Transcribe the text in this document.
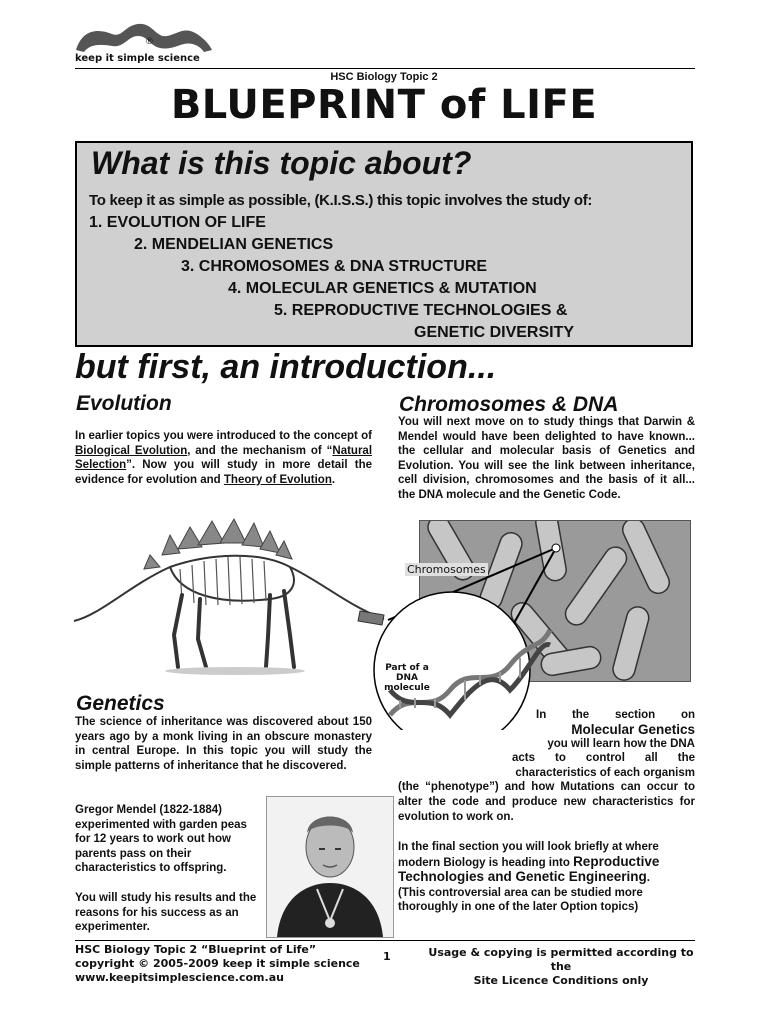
®
keep it simple science
HSC Biology Topic 2
BLUEPRINT of LIFE
What is this topic about?
To keep it as simple as possible, (K.I.S.S.) this topic involves the study of:
1. EVOLUTION OF LIFE
2. MENDELIAN GENETICS
3. CHROMOSOMES & DNA STRUCTURE
4. MOLECULAR GENETICS & MUTATION
5. REPRODUCTIVE TECHNOLOGIES &
GENETIC DIVERSITY
but first, an introduction...
Evolution
In earlier topics you were introduced to the concept of Biological Evolution, and the mechanism of “Natural Selection”. Now you will study in more detail the evidence for evolution and Theory of Evolution.
Chromosomes & DNA
You will next move on to study things that Darwin & Mendel would have been delighted to have known... the cellular and molecular basis of Genetics and Evolution. You will see the link between inheritance, cell division, chromosomes and the basis of it all... the DNA molecule and the Genetic Code.
Chromosomes
Part of a DNA
molecule
Genetics
The science of inheritance was discovered about 150 years ago by a monk living in an obscure monastery in central Europe. In this topic you will study the simple patterns of inheritance that he discovered.
Gregor Mendel (1822-1884) experimented with garden peas for 12 years to work out how parents pass on their characteristics to offspring.
You will study his results and the reasons for his success as an experimenter.
In the section on
Molecular Genetics
you will learn how the DNA
acts to control all the
characteristics of each organism
(the “phenotype”) and how Mutations can occur to alter the code and produce new characteristics for evolution to work on.
In the final section you will look briefly at where modern Biology is heading into Reproductive Technologies and Genetic Engineering.
(This controversial area can be studied more thoroughly in one of the later Option topics)
HSC Biology Topic 2 “Blueprint of Life”
copyright © 2005-2009 keep it simple science
www.keepitsimplescience.com.au
1	Usage & copying is permitted according to the
Site Licence Conditions only
